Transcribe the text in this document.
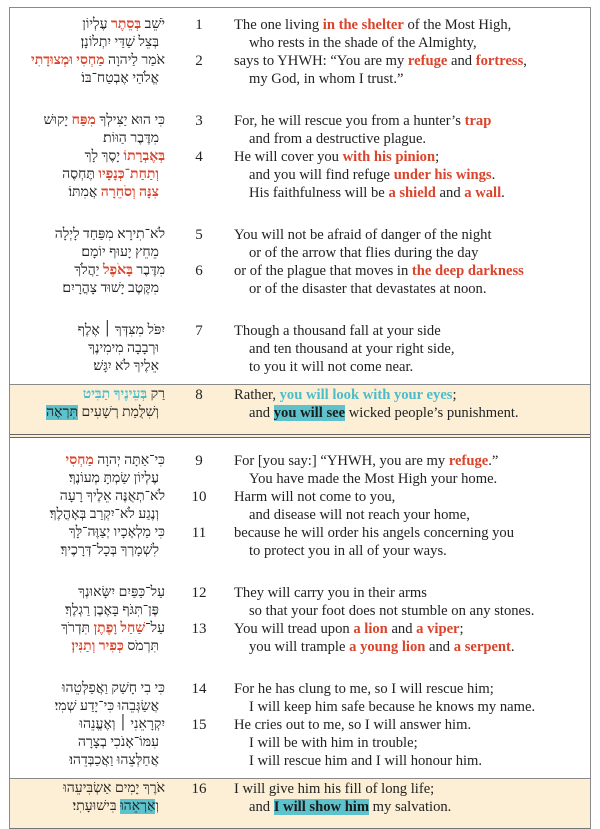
יֹשֵׁב בְּסֵתֶר עֶלְיוֹן
בְּצֵל שַׁדַּי יִתְלוֹנָן׃
1	The one living in the shelter of the Most High,
who rests in the shade of the Almighty,
אֹמַר לַיהוָה מַחְסִי וּמְצוּדָתִי
אֱלֹהַי אֶבְטַח־בּוֹ׃
2	says to YHWH: “You are my refuge and fortress,
my God, in whom I trust.”
כִּי הוּא יַצִּילְךָ מִפַּח יָקוּשׁ
מִדֶּבֶר הַוּוֹת׃
3	For, he will rescue you from a hunter’s trap
and from a destructive plague.
בְּאֶבְרָתוֹ יָסֶךְ לָךְ
וְתַחַת־כְּנָפָיו תֶּחְסֶה
צִנָּה וְסֹחֵרָה אֲמִתּוֹ׃
4	He will cover you with his pinion;
and you will find refuge under his wings.
His faithfulness will be a shield and a wall.
לֹא־תִירָא מִפַּחַד לָיְלָה
מֵחֵץ יָעוּף יוֹמָם׃
5	You will not be afraid of danger of the night
or of the arrow that flies during the day
מִדֶּבֶר בָּאֹפֶל יַהֲלֹךְ
מִקֶּטֶב יָשׁוּד צָהֳרָיִם׃
6	or of the plague that moves in the deep darkness
or of the disaster that devastates at noon.
יִפֹּל מִצִּדְּךָ ׀ אֶלֶף
וּרְבָבָה מִימִינֶךָ
אֵלֶיךָ לֹא יִגָּשׁ׃
7	Though a thousand fall at your side
and ten thousand at your right side,
to you it will not come near.
רַק בְּעֵינֶיךָ תַבִּיט
וְשִׁלֻּמַת רְשָׁעִים תִּרְאֶה
8	Rather, you will look with your eyes;
and you will see wicked people’s punishment.
כִּי־אַתָּה יְהוָה מַחְסִי
עֶלְיוֹן שַׂמְתָּ מְעוֹנֶךָ׃
9	For [you say:] “YHWH, you are my refuge.”
You have made the Most High your home.
לֹא־תְאֻנֶּה אֵלֶיךָ רָעָה
וְנֶגַע לֹא־יִקְרַב בְּאָהֳלֶךָ׃
10	Harm will not come to you,
and disease will not reach your home,
כִּי מַלְאָכָיו יְצַוֶּה־לָּךְ
לִשְׁמָרְךָ בְּכָל־דְּרָכֶיךָ׃
11	because he will order his angels concerning you
to protect you in all of your ways.
עַל־כַּפַּיִם יִשָּׂאוּנְךָ
פֶּן־תִּגֹּף בָּאֶבֶן רַגְלֶךָ׃
12	They will carry you in their arms
so that your foot does not stumble on any stones.
עַל־שַׁחַל וָפֶתֶן תִּדְרֹךְ
תִּרְמֹס כְּפִיר וְתַנִּין
13	You will tread upon a lion and a viper;
you will trample a young lion and a serpent.
כִּי בִי חָשַׁק וַאֲפַלְּטֵהוּ
אֲשַׂגְּבֵהוּ כִּי־יָדַע שְׁמִי׃
14	For he has clung to me, so I will rescue him;
I will keep him safe because he knows my name.
יִקְרָאֵנִי ׀ וְאֶעֱנֵהוּ
עִמּוֹ־אָנֹכִי בְצָרָה
אֲחַלְּצֵהוּ וַאֲכַבְּדֵהוּ׃
15	He cries out to me, so I will answer him.
I will be with him in trouble;
I will rescue him and I will honour him.
אֹרֶךְ יָמִים אַשְׂבִּיעֵהוּ
וְאַרְאֵהוּ בִּישׁוּעָתִי׃
16	I will give him his fill of long life;
and I will show him my salvation.
